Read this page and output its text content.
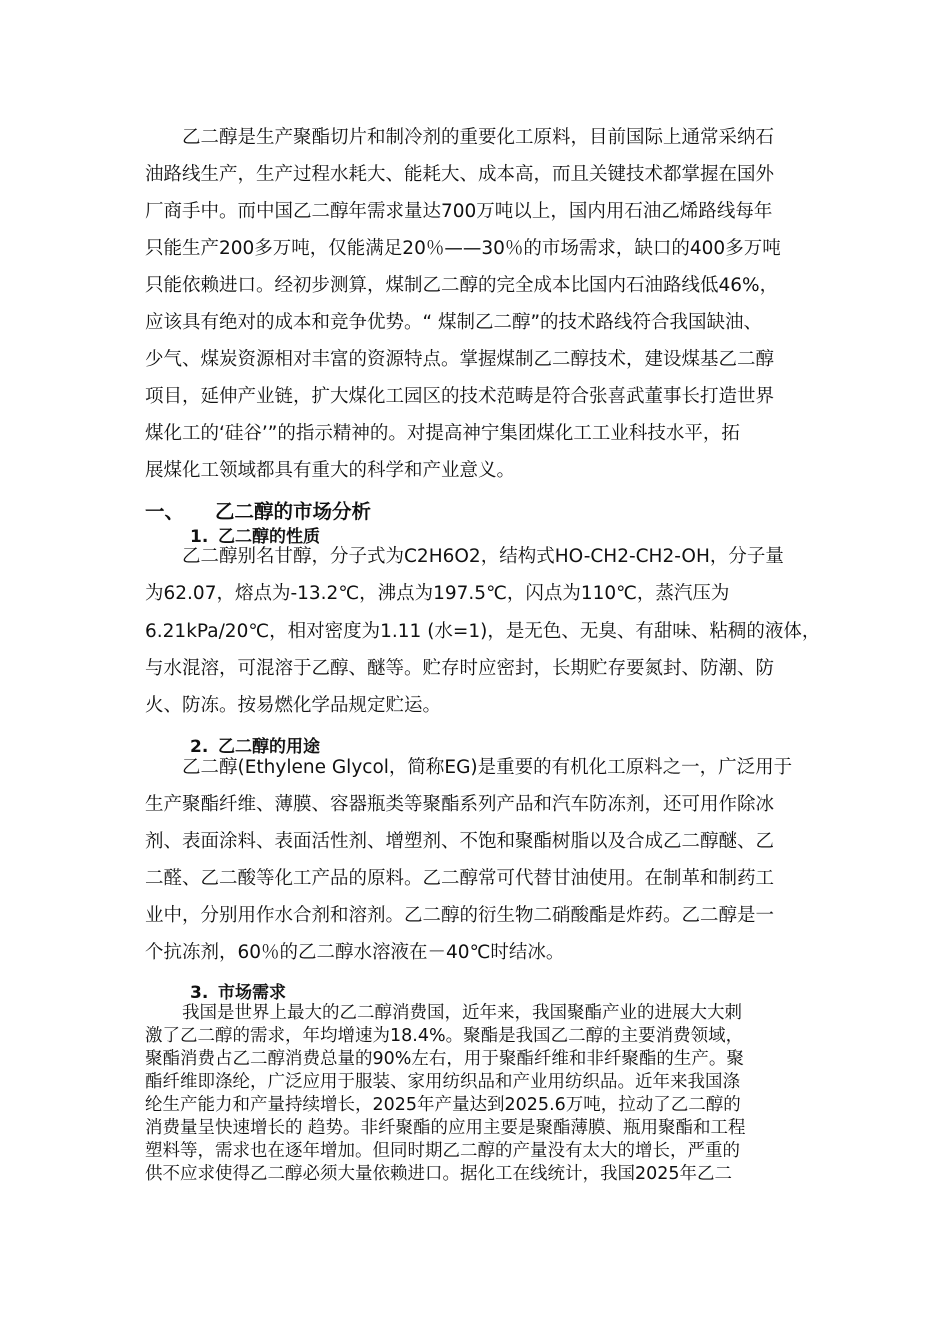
乙二醇是生产聚酯切片和制冷剂的重要化工原料，目前国际上通常采纳石
油路线生产，生产过程水耗大、能耗大、成本高，而且关键技术都掌握在国外
厂商手中。而中国乙二醇年需求量达700万吨以上，国内用石油乙烯路线每年
只能生产200多万吨，仅能满足20％——30％的市场需求，缺口的400多万吨
只能依赖进口。经初步测算，煤制乙二醇的完全成本比国内石油路线低46%，
应该具有绝对的成本和竞争优势。“ 煤制乙二醇”的技术路线符合我国缺油、
少气、煤炭资源相对丰富的资源特点。掌握煤制乙二醇技术，建设煤基乙二醇
项目，延伸产业链，扩大煤化工园区的技术范畴是符合张喜武董事长打造世界
煤化工的‘硅谷’”的指示精神的。对提高神宁集团煤化工工业科技水平，拓
展煤化工领域都具有重大的科学和产业意义。
一、 乙二醇的市场分析
1. 乙二醇的性质
乙二醇别名甘醇，分子式为C2H6O2，结构式HO-CH2-CH2-OH，分子量
为62.07，熔点为-13.2℃，沸点为197.5℃，闪点为110℃，蒸汽压为
6.21kPa/20℃，相对密度为1.11 (水=1)，是无色、无臭、有甜味、粘稠的液体，
与水混溶，可混溶于乙醇、醚等。贮存时应密封，长期贮存要氮封、防潮、防
火、防冻。按易燃化学品规定贮运。
2. 乙二醇的用途
乙二醇(Ethylene Glycol，简称EG)是重要的有机化工原料之一，广泛用于
生产聚酯纤维、薄膜、容器瓶类等聚酯系列产品和汽车防冻剂，还可用作除冰
剂、表面涂料、表面活性剂、增塑剂、不饱和聚酯树脂以及合成乙二醇醚、乙
二醛、乙二酸等化工产品的原料。乙二醇常可代替甘油使用。在制革和制药工
业中，分别用作水合剂和溶剂。乙二醇的衍生物二硝酸酯是炸药。乙二醇是一
个抗冻剂，60％的乙二醇水溶液在－40℃时结冰。
3. 市场需求
我国是世界上最大的乙二醇消费国，近年来，我国聚酯产业的进展大大刺
激了乙二醇的需求，年均增速为18.4%。聚酯是我国乙二醇的主要消费领域，
聚酯消费占乙二醇消费总量的90%左右，用于聚酯纤维和非纤聚酯的生产。聚
酯纤维即涤纶，广泛应用于服装、家用纺织品和产业用纺织品。近年来我国涤
纶生产能力和产量持续增长，2025年产量达到2025.6万吨，拉动了乙二醇的
消费量呈快速增长的 趋势。非纤聚酯的应用主要是聚酯薄膜、瓶用聚酯和工程
塑料等，需求也在逐年增加。但同时期乙二醇的产量没有太大的增长，严重的
供不应求使得乙二醇必须大量依赖进口。据化工在线统计，我国2025年乙二
